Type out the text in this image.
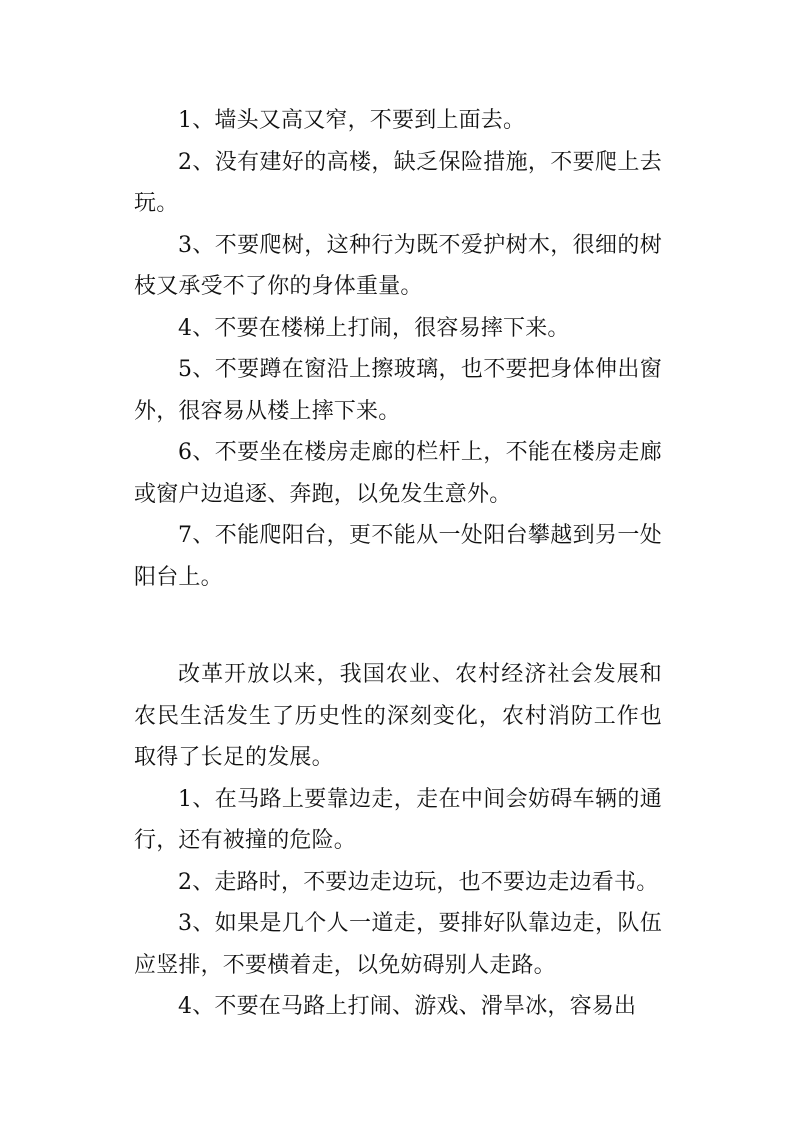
1、墙头又高又窄，不要到上面去。

2、没有建好的高楼，缺乏保险措施，不要爬上去玩。

3、不要爬树，这种行为既不爱护树木，很细的树枝又承受不了你的身体重量。

4、不要在楼梯上打闹，很容易摔下来。

5、不要蹲在窗沿上擦玻璃，也不要把身体伸出窗外，很容易从楼上摔下来。

6、不要坐在楼房走廊的栏杆上，不能在楼房走廊或窗户边追逐、奔跑，以免发生意外。

7、不能爬阳台，更不能从一处阳台攀越到另一处阳台上。

改革开放以来，我国农业、农村经济社会发展和农民生活发生了历史性的深刻变化，农村消防工作也取得了长足的发展。

1、在马路上要靠边走，走在中间会妨碍车辆的通行，还有被撞的危险。

2、走路时，不要边走边玩，也不要边走边看书。

3、如果是几个人一道走，要排好队靠边走，队伍应竖排，不要横着走，以免妨碍别人走路。

4、不要在马路上打闹、游戏、滑旱冰，容易出
